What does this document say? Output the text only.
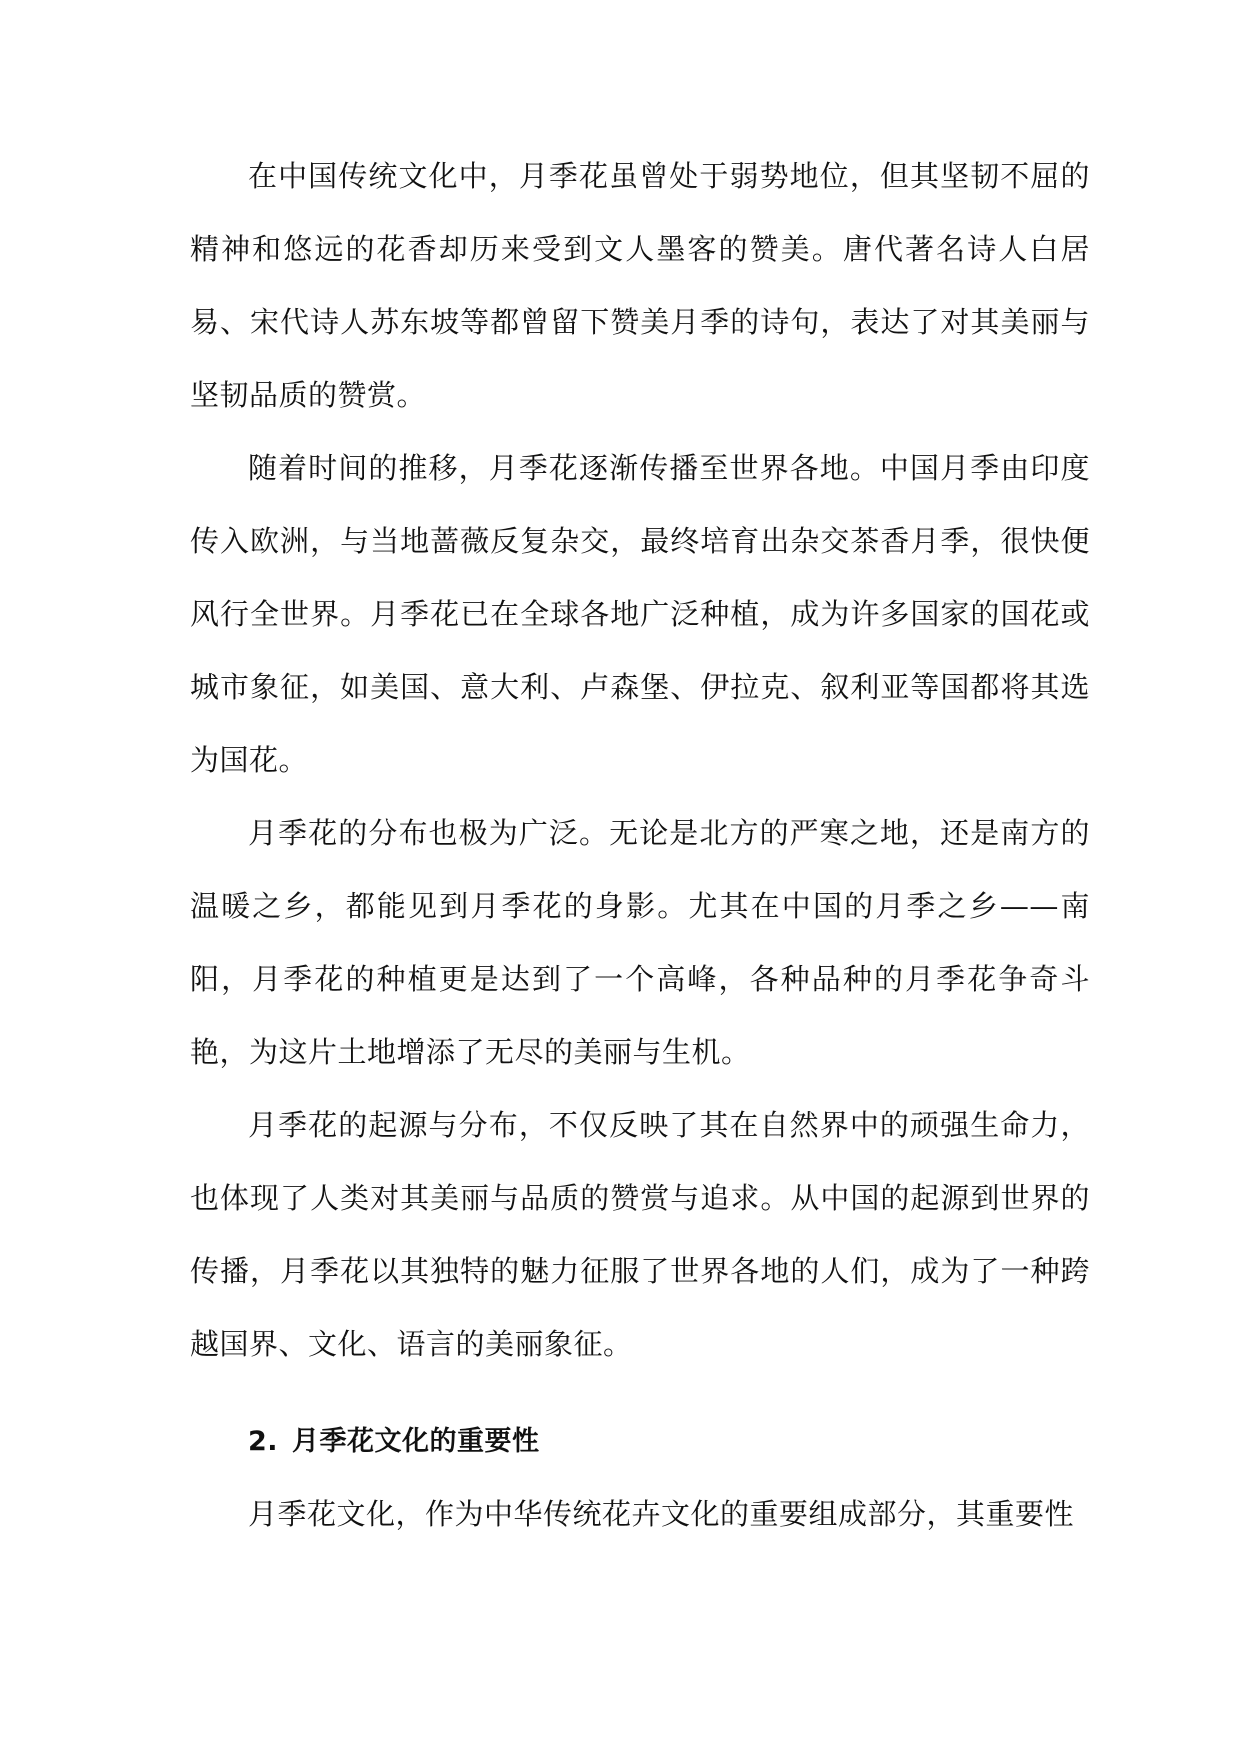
在中国传统文化中，月季花虽曾处于弱势地位，但其坚韧不屈的精神和悠远的花香却历来受到文人墨客的赞美。唐代著名诗人白居易、宋代诗人苏东坡等都曾留下赞美月季的诗句，表达了对其美丽与坚韧品质的赞赏。

随着时间的推移，月季花逐渐传播至世界各地。中国月季由印度传入欧洲，与当地蔷薇反复杂交，最终培育出杂交茶香月季，很快便风行全世界。月季花已在全球各地广泛种植，成为许多国家的国花或城市象征，如美国、意大利、卢森堡、伊拉克、叙利亚等国都将其选为国花。

月季花的分布也极为广泛。无论是北方的严寒之地，还是南方的温暖之乡，都能见到月季花的身影。尤其在中国的月季之乡——南阳，月季花的种植更是达到了一个高峰，各种品种的月季花争奇斗艳，为这片土地增添了无尽的美丽与生机。

月季花的起源与分布，不仅反映了其在自然界中的顽强生命力，也体现了人类对其美丽与品质的赞赏与追求。从中国的起源到世界的传播，月季花以其独特的魅力征服了世界各地的人们，成为了一种跨越国界、文化、语言的美丽象征。

2. 月季花文化的重要性

月季花文化，作为中华传统花卉文化的重要组成部分，其重要性
